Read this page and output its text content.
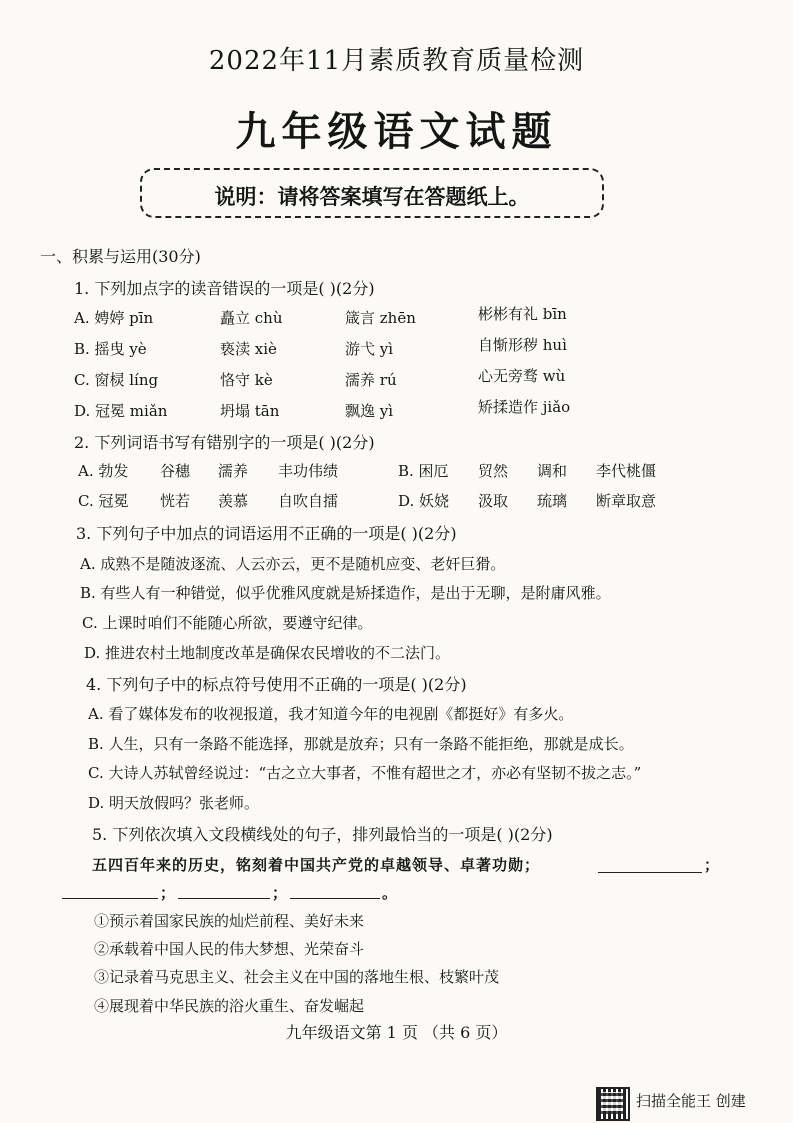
2022年11月素质教育质量检测
九年级语文试题
说明：请将答案填写在答题纸上。
一、积累与运用(30分)
1. 下列加点字的读音错误的一项是( )(2分)
A. 娉婷 pīn	矗立 chù	箴言 zhēn	彬彬有礼 bīn
B. 摇曳 yè	亵渎 xiè	游弋 yì	自惭形秽 huì
C. 窗棂 líng	恪守 kè	濡养 rú	心无旁骛 wù
D. 冠冕 miǎn	坍塌 tān	飘逸 yì	矫揉造作 jiǎo
2. 下列词语书写有错别字的一项是( )(2分)
A. 勃发 谷穗 濡养 丰功伟绩	B. 困厄 贸然 调和 李代桃僵
C. 冠冕 恍若 羡慕 自吹自擂	D. 妖娆 汲取 琉璃 断章取意
3. 下列句子中加点的词语运用不正确的一项是( )(2分)
A. 成熟不是随波逐流、人云亦云，更不是随机应变、老奸巨猾。
B. 有些人有一种错觉，似乎优雅风度就是矫揉造作，是出于无聊，是附庸风雅。
C. 上课时咱们不能随心所欲，要遵守纪律。
D. 推进农村土地制度改革是确保农民增收的不二法门。
4. 下列句子中的标点符号使用不正确的一项是( )(2分)
A. 看了媒体发布的收视报道，我才知道今年的电视剧《都挺好》有多火。
B. 人生，只有一条路不能选择，那就是放弃；只有一条路不能拒绝，那就是成长。
C. 大诗人苏轼曾经说过：“古之立大事者，不惟有超世之才，亦必有坚韧不拔之志。”
D. 明天放假吗？张老师。
5. 下列依次填入文段横线处的句子，排列最恰当的一项是( )(2分)
五四百年来的历史，铭刻着中国共产党的卓越领导、卓著功勋；	；
；	；	。
①预示着国家民族的灿烂前程、美好未来
②承载着中国人民的伟大梦想、光荣奋斗
③记录着马克思主义、社会主义在中国的落地生根、枝繁叶茂
④展现着中华民族的浴火重生、奋发崛起
九年级语文第 1 页 （共 6 页）
扫描全能王 创建
